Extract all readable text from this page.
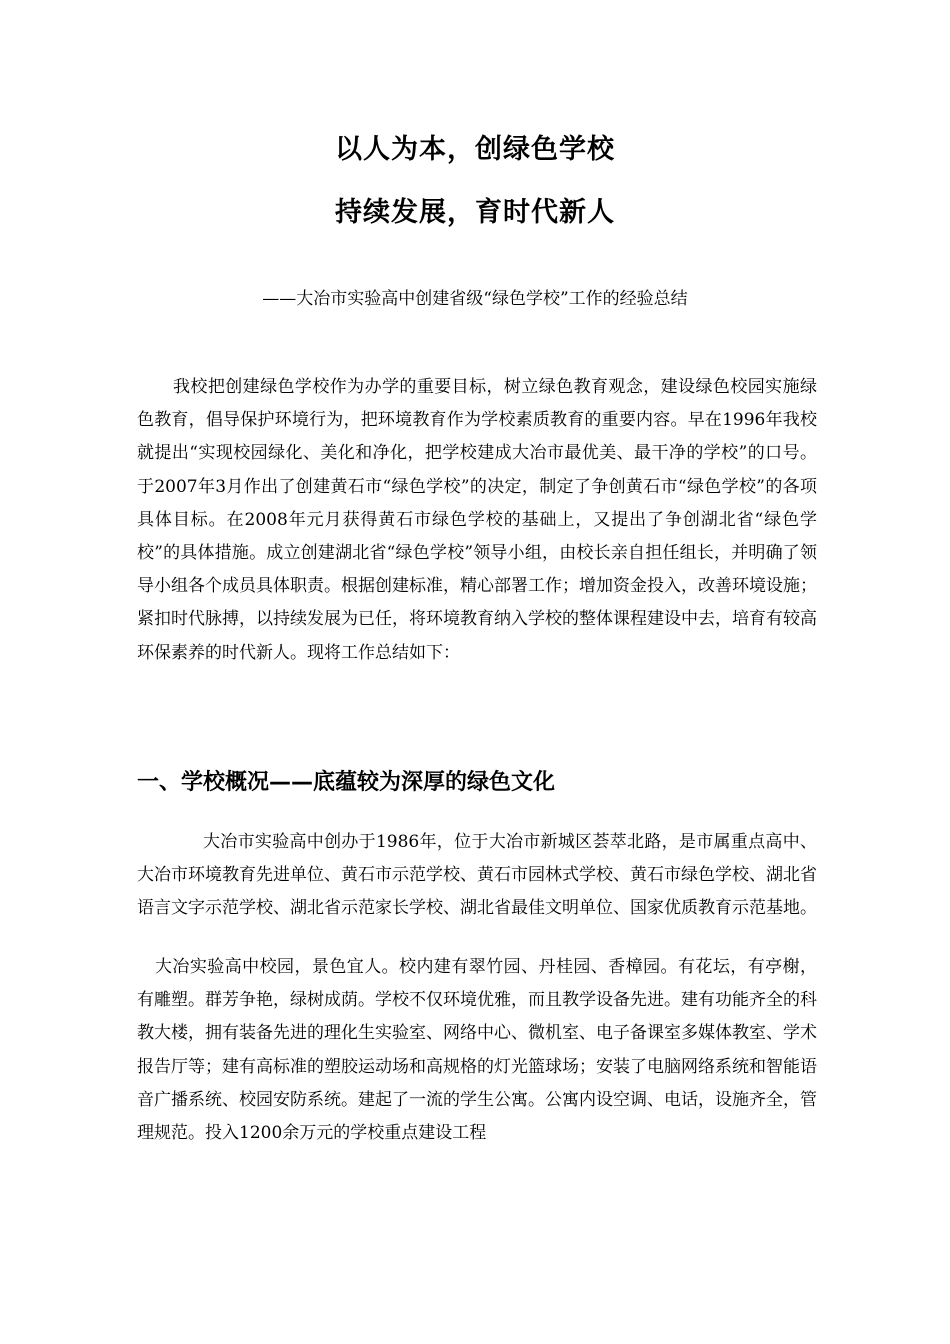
以人为本，创绿色学校
持续发展，育时代新人
——大冶市实验高中创建省级“绿色学校”工作的经验总结

我校把创建绿色学校作为办学的重要目标，树立绿色教育观念，建设绿色校园实施绿色教育，倡导保护环境行为，把环境教育作为学校素质教育的重要内容。早在1996年我校就提出“实现校园绿化、美化和净化，把学校建成大冶市最优美、最干净的学校”的口号。于2007年3月作出了创建黄石市“绿色学校”的决定，制定了争创黄石市“绿色学校”的各项具体目标。在2008年元月获得黄石市绿色学校的基础上，又提出了争创湖北省“绿色学校”的具体措施。成立创建湖北省“绿色学校”领导小组，由校长亲自担任组长，并明确了领导小组各个成员具体职责。根据创建标准，精心部署工作；增加资金投入，改善环境设施；紧扣时代脉搏，以持续发展为已任，将环境教育纳入学校的整体课程建设中去，培育有较高环保素养的时代新人。现将工作总结如下：

一、学校概况——底蕴较为深厚的绿色文化

大冶市实验高中创办于1986年，位于大冶市新城区荟萃北路，是市属重点高中、大冶市环境教育先进单位、黄石市示范学校、黄石市园林式学校、黄石市绿色学校、湖北省语言文字示范学校、湖北省示范家长学校、湖北省最佳文明单位、国家优质教育示范基地。

大冶实验高中校园，景色宜人。校内建有翠竹园、丹桂园、香樟园。有花坛，有亭榭，有雕塑。群芳争艳，绿树成荫。学校不仅环境优雅，而且教学设备先进。建有功能齐全的科教大楼，拥有装备先进的理化生实验室、网络中心、微机室、电子备课室多媒体教室、学术报告厅等；建有高标准的塑胶运动场和高规格的灯光篮球场；安装了电脑网络系统和智能语音广播系统、校园安防系统。建起了一流的学生公寓。公寓内设空调、电话，设施齐全，管理规范。投入1200余万元的学校重点建设工程
